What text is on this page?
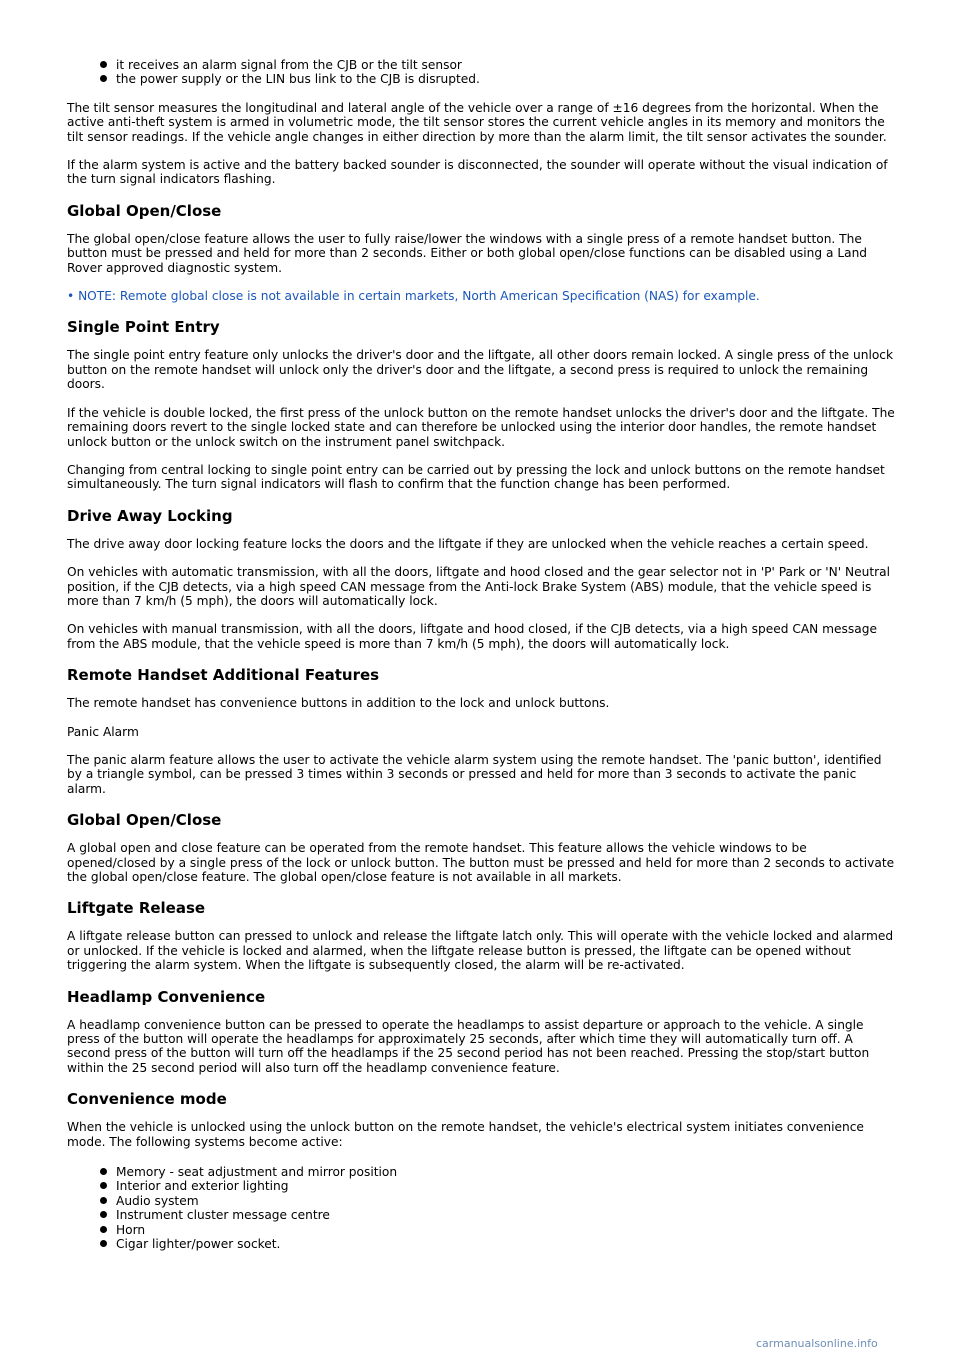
it receives an alarm signal from the CJB or the tilt sensor
the power supply or the LIN bus link to the CJB is disrupted.

The tilt sensor measures the longitudinal and lateral angle of the vehicle over a range of ±16 degrees from the horizontal. When the active anti-theft system is armed in volumetric mode, the tilt sensor stores the current vehicle angles in its memory and monitors the tilt sensor readings. If the vehicle angle changes in either direction by more than the alarm limit, the tilt sensor activates the sounder.

If the alarm system is active and the battery backed sounder is disconnected, the sounder will operate without the visual indication of the turn signal indicators flashing.

Global Open/Close

The global open/close feature allows the user to fully raise/lower the windows with a single press of a remote handset button. The button must be pressed and held for more than 2 seconds. Either or both global open/close functions can be disabled using a Land Rover approved diagnostic system.

• NOTE: Remote global close is not available in certain markets, North American Specification (NAS) for example.

Single Point Entry

The single point entry feature only unlocks the driver's door and the liftgate, all other doors remain locked. A single press of the unlock button on the remote handset will unlock only the driver's door and the liftgate, a second press is required to unlock the remaining doors.

If the vehicle is double locked, the first press of the unlock button on the remote handset unlocks the driver's door and the liftgate. The remaining doors revert to the single locked state and can therefore be unlocked using the interior door handles, the remote handset unlock button or the unlock switch on the instrument panel switchpack.

Changing from central locking to single point entry can be carried out by pressing the lock and unlock buttons on the remote handset simultaneously. The turn signal indicators will flash to confirm that the function change has been performed.

Drive Away Locking

The drive away door locking feature locks the doors and the liftgate if they are unlocked when the vehicle reaches a certain speed.

On vehicles with automatic transmission, with all the doors, liftgate and hood closed and the gear selector not in 'P' Park or 'N' Neutral position, if the CJB detects, via a high speed CAN message from the Anti-lock Brake System (ABS) module, that the vehicle speed is more than 7 km/h (5 mph), the doors will automatically lock.

On vehicles with manual transmission, with all the doors, liftgate and hood closed, if the CJB detects, via a high speed CAN message from the ABS module, that the vehicle speed is more than 7 km/h (5 mph), the doors will automatically lock.

Remote Handset Additional Features

The remote handset has convenience buttons in addition to the lock and unlock buttons.

Panic Alarm

The panic alarm feature allows the user to activate the vehicle alarm system using the remote handset. The 'panic button', identified by a triangle symbol, can be pressed 3 times within 3 seconds or pressed and held for more than 3 seconds to activate the panic alarm.

Global Open/Close

A global open and close feature can be operated from the remote handset. This feature allows the vehicle windows to be opened/closed by a single press of the lock or unlock button. The button must be pressed and held for more than 2 seconds to activate the global open/close feature. The global open/close feature is not available in all markets.

Liftgate Release

A liftgate release button can pressed to unlock and release the liftgate latch only. This will operate with the vehicle locked and alarmed or unlocked. If the vehicle is locked and alarmed, when the liftgate release button is pressed, the liftgate can be opened without triggering the alarm system. When the liftgate is subsequently closed, the alarm will be re-activated.

Headlamp Convenience

A headlamp convenience button can be pressed to operate the headlamps to assist departure or approach to the vehicle. A single press of the button will operate the headlamps for approximately 25 seconds, after which time they will automatically turn off. A second press of the button will turn off the headlamps if the 25 second period has not been reached. Pressing the stop/start button within the 25 second period will also turn off the headlamp convenience feature.

Convenience mode

When the vehicle is unlocked using the unlock button on the remote handset, the vehicle's electrical system initiates convenience mode. The following systems become active:

Memory - seat adjustment and mirror position
Interior and exterior lighting
Audio system
Instrument cluster message centre
Horn
Cigar lighter/power socket.
carmanualsonline.info
